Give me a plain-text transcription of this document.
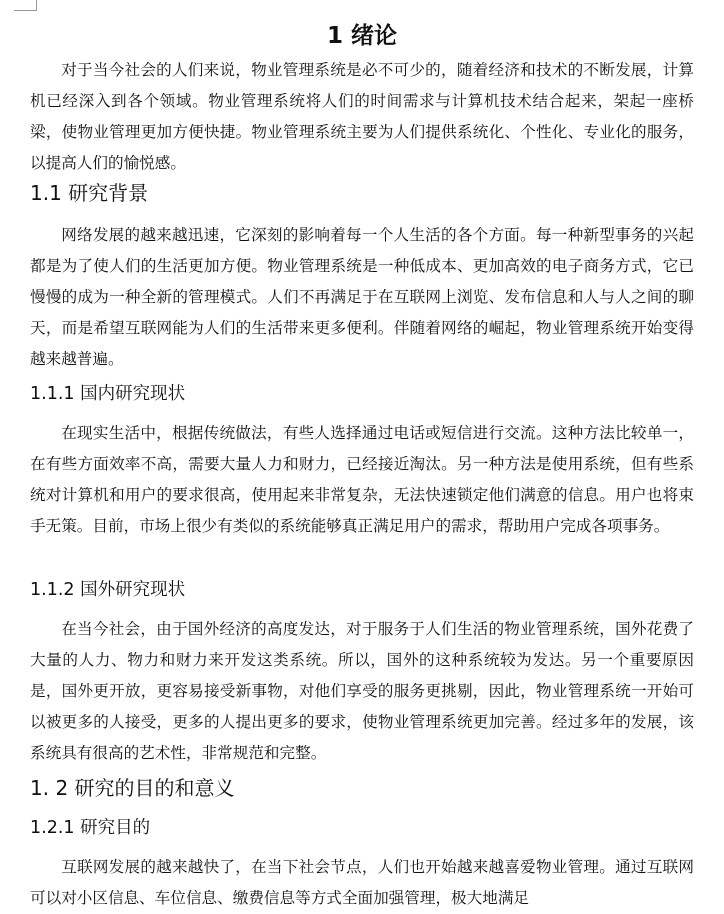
1 绪论

对于当今社会的人们来说，物业管理系统是必不可少的，随着经济和技术的不断发展，计算机已经深入到各个领域。物业管理系统将人们的时间需求与计算机技术结合起来，架起一座桥梁，使物业管理更加方便快捷。物业管理系统主要为人们提供系统化、个性化、专业化的服务，以提高人们的愉悦感。

1.1 研究背景

网络发展的越来越迅速，它深刻的影响着每一个人生活的各个方面。每一种新型事务的兴起都是为了使人们的生活更加方便。物业管理系统是一种低成本、更加高效的电子商务方式，它已慢慢的成为一种全新的管理模式。人们不再满足于在互联网上浏览、发布信息和人与人之间的聊天，而是希望互联网能为人们的生活带来更多便利。伴随着网络的崛起，物业管理系统开始变得越来越普遍。

1.1.1 国内研究现状

在现实生活中，根据传统做法，有些人选择通过电话或短信进行交流。这种方法比较单一，在有些方面效率不高，需要大量人力和财力，已经接近淘汰。另一种方法是使用系统，但有些系统对计算机和用户的要求很高，使用起来非常复杂，无法快速锁定他们满意的信息。用户也将束手无策。目前，市场上很少有类似的系统能够真正满足用户的需求，帮助用户完成各项事务。

1.1.2 国外研究现状

在当今社会，由于国外经济的高度发达，对于服务于人们生活的物业管理系统，国外花费了大量的人力、物力和财力来开发这类系统。所以，国外的这种系统较为发达。另一个重要原因是，国外更开放，更容易接受新事物，对他们享受的服务更挑剔，因此，物业管理系统一开始可以被更多的人接受，更多的人提出更多的要求，使物业管理系统更加完善。经过多年的发展，该系统具有很高的艺术性，非常规范和完整。

1. 2 研究的目的和意义
1.2.1 研究目的

互联网发展的越来越快了，在当下社会节点，人们也开始越来越喜爱物业管理。通过互联网可以对小区信息、车位信息、缴费信息等方式全面加强管理，极大地满足
